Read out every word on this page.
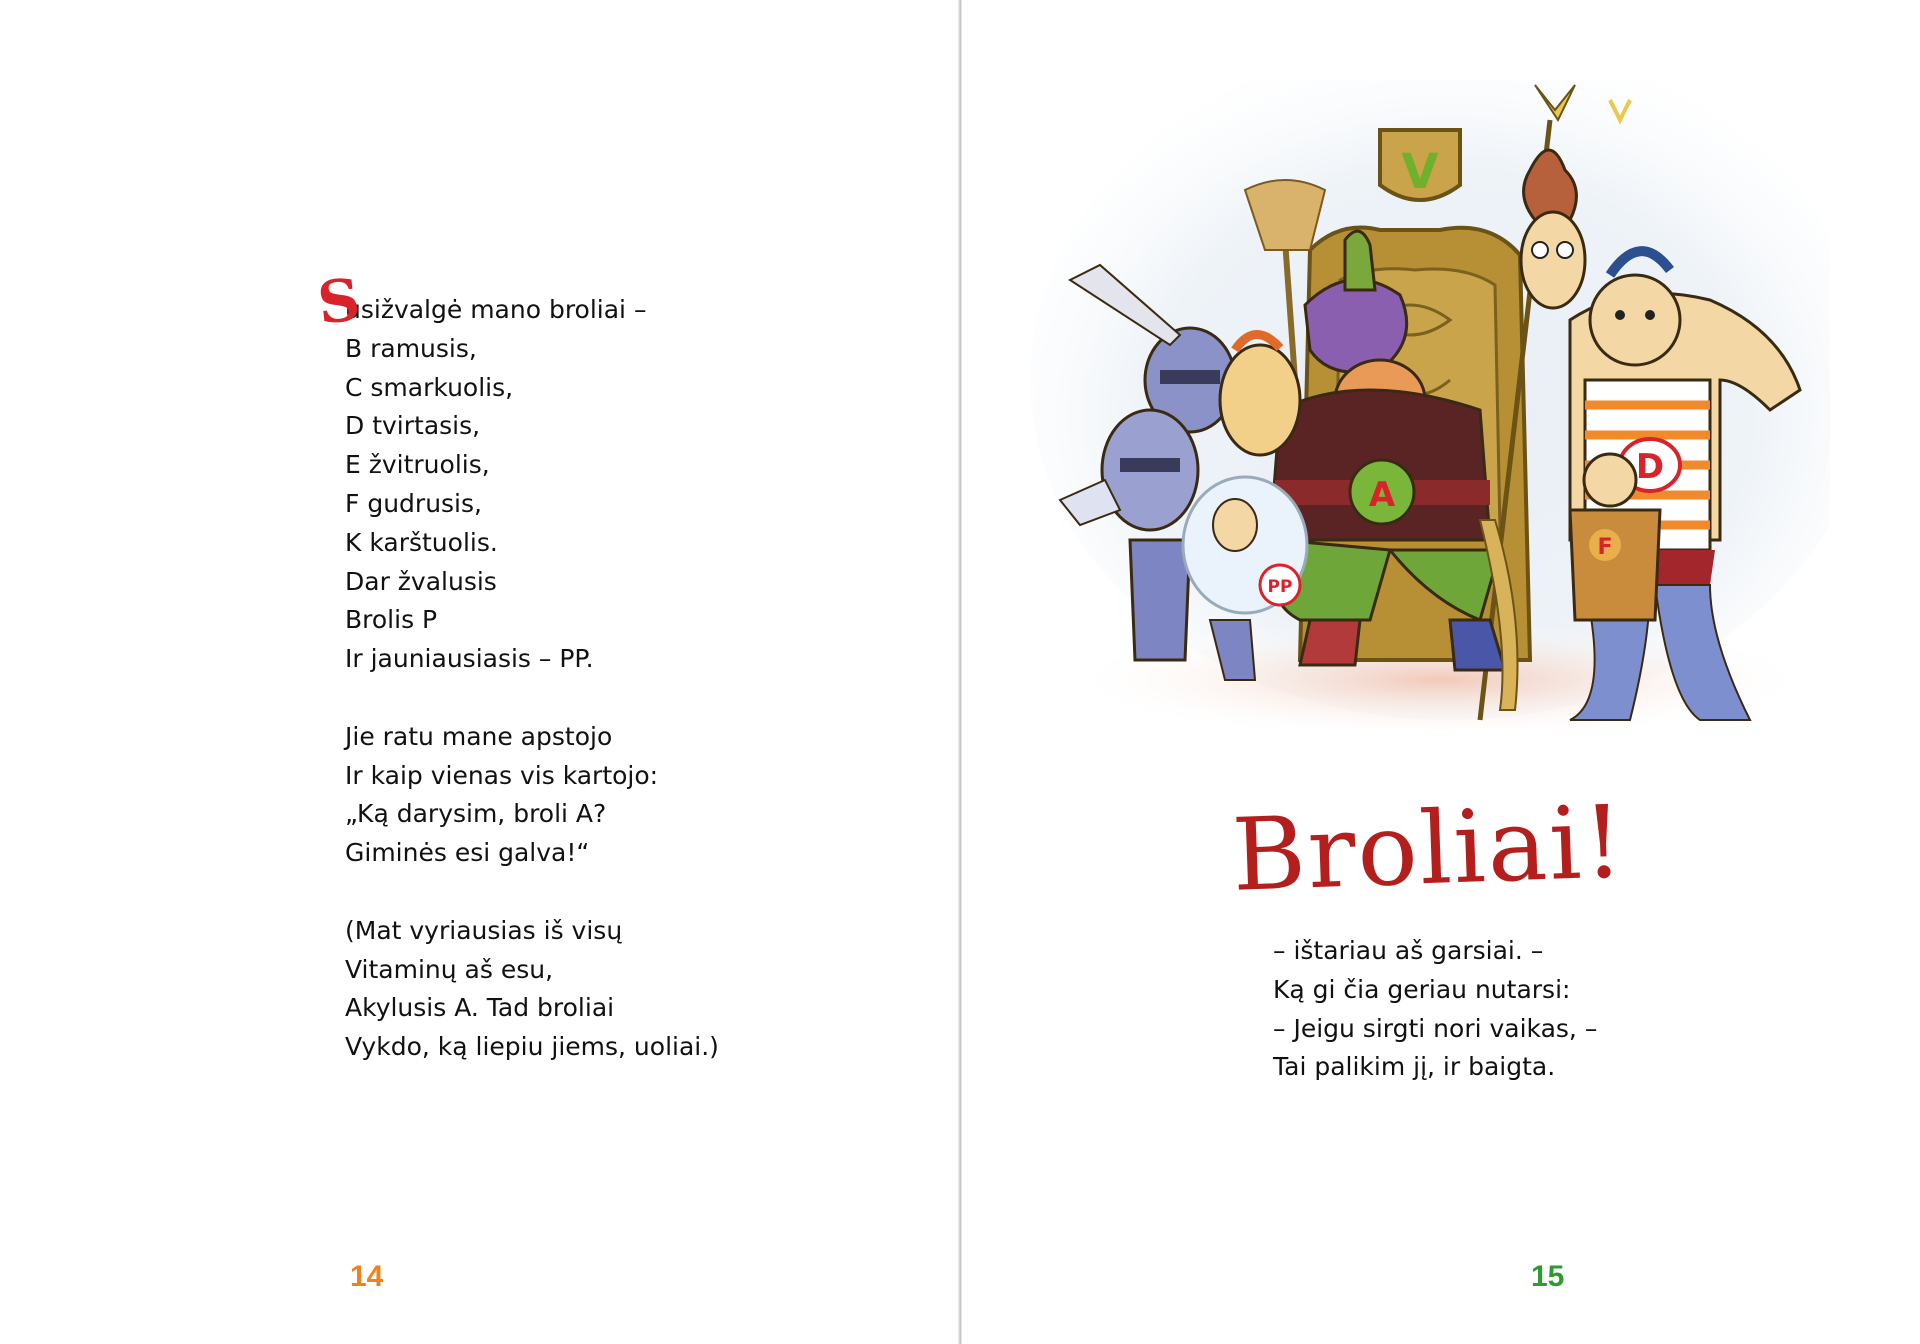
Susižvalgė mano broliai –
B ramusis,
C smarkuolis,
D tvirtasis,
E žvitruolis,
F gudrusis,
K karštuolis.
Dar žvalusis
Brolis P
Ir jauniausiasis – PP.
Jie ratu mane apstojo
Ir kaip vienas vis kartojo:
„Ką darysim, broli A?
Giminės esi galva!“
(Mat vyriausias iš visų
Vitaminų aš esu,
Akylusis A. Tad broliai
Vykdo, ką liepiu jiems, uoliai.)
14
V
D
A
F
PP
Broliai!
– ištariau aš garsiai. –
Ką gi čia geriau nutarsi:
– Jeigu sirgti nori vaikas, –
Tai palikim jį, ir baigta.
15
